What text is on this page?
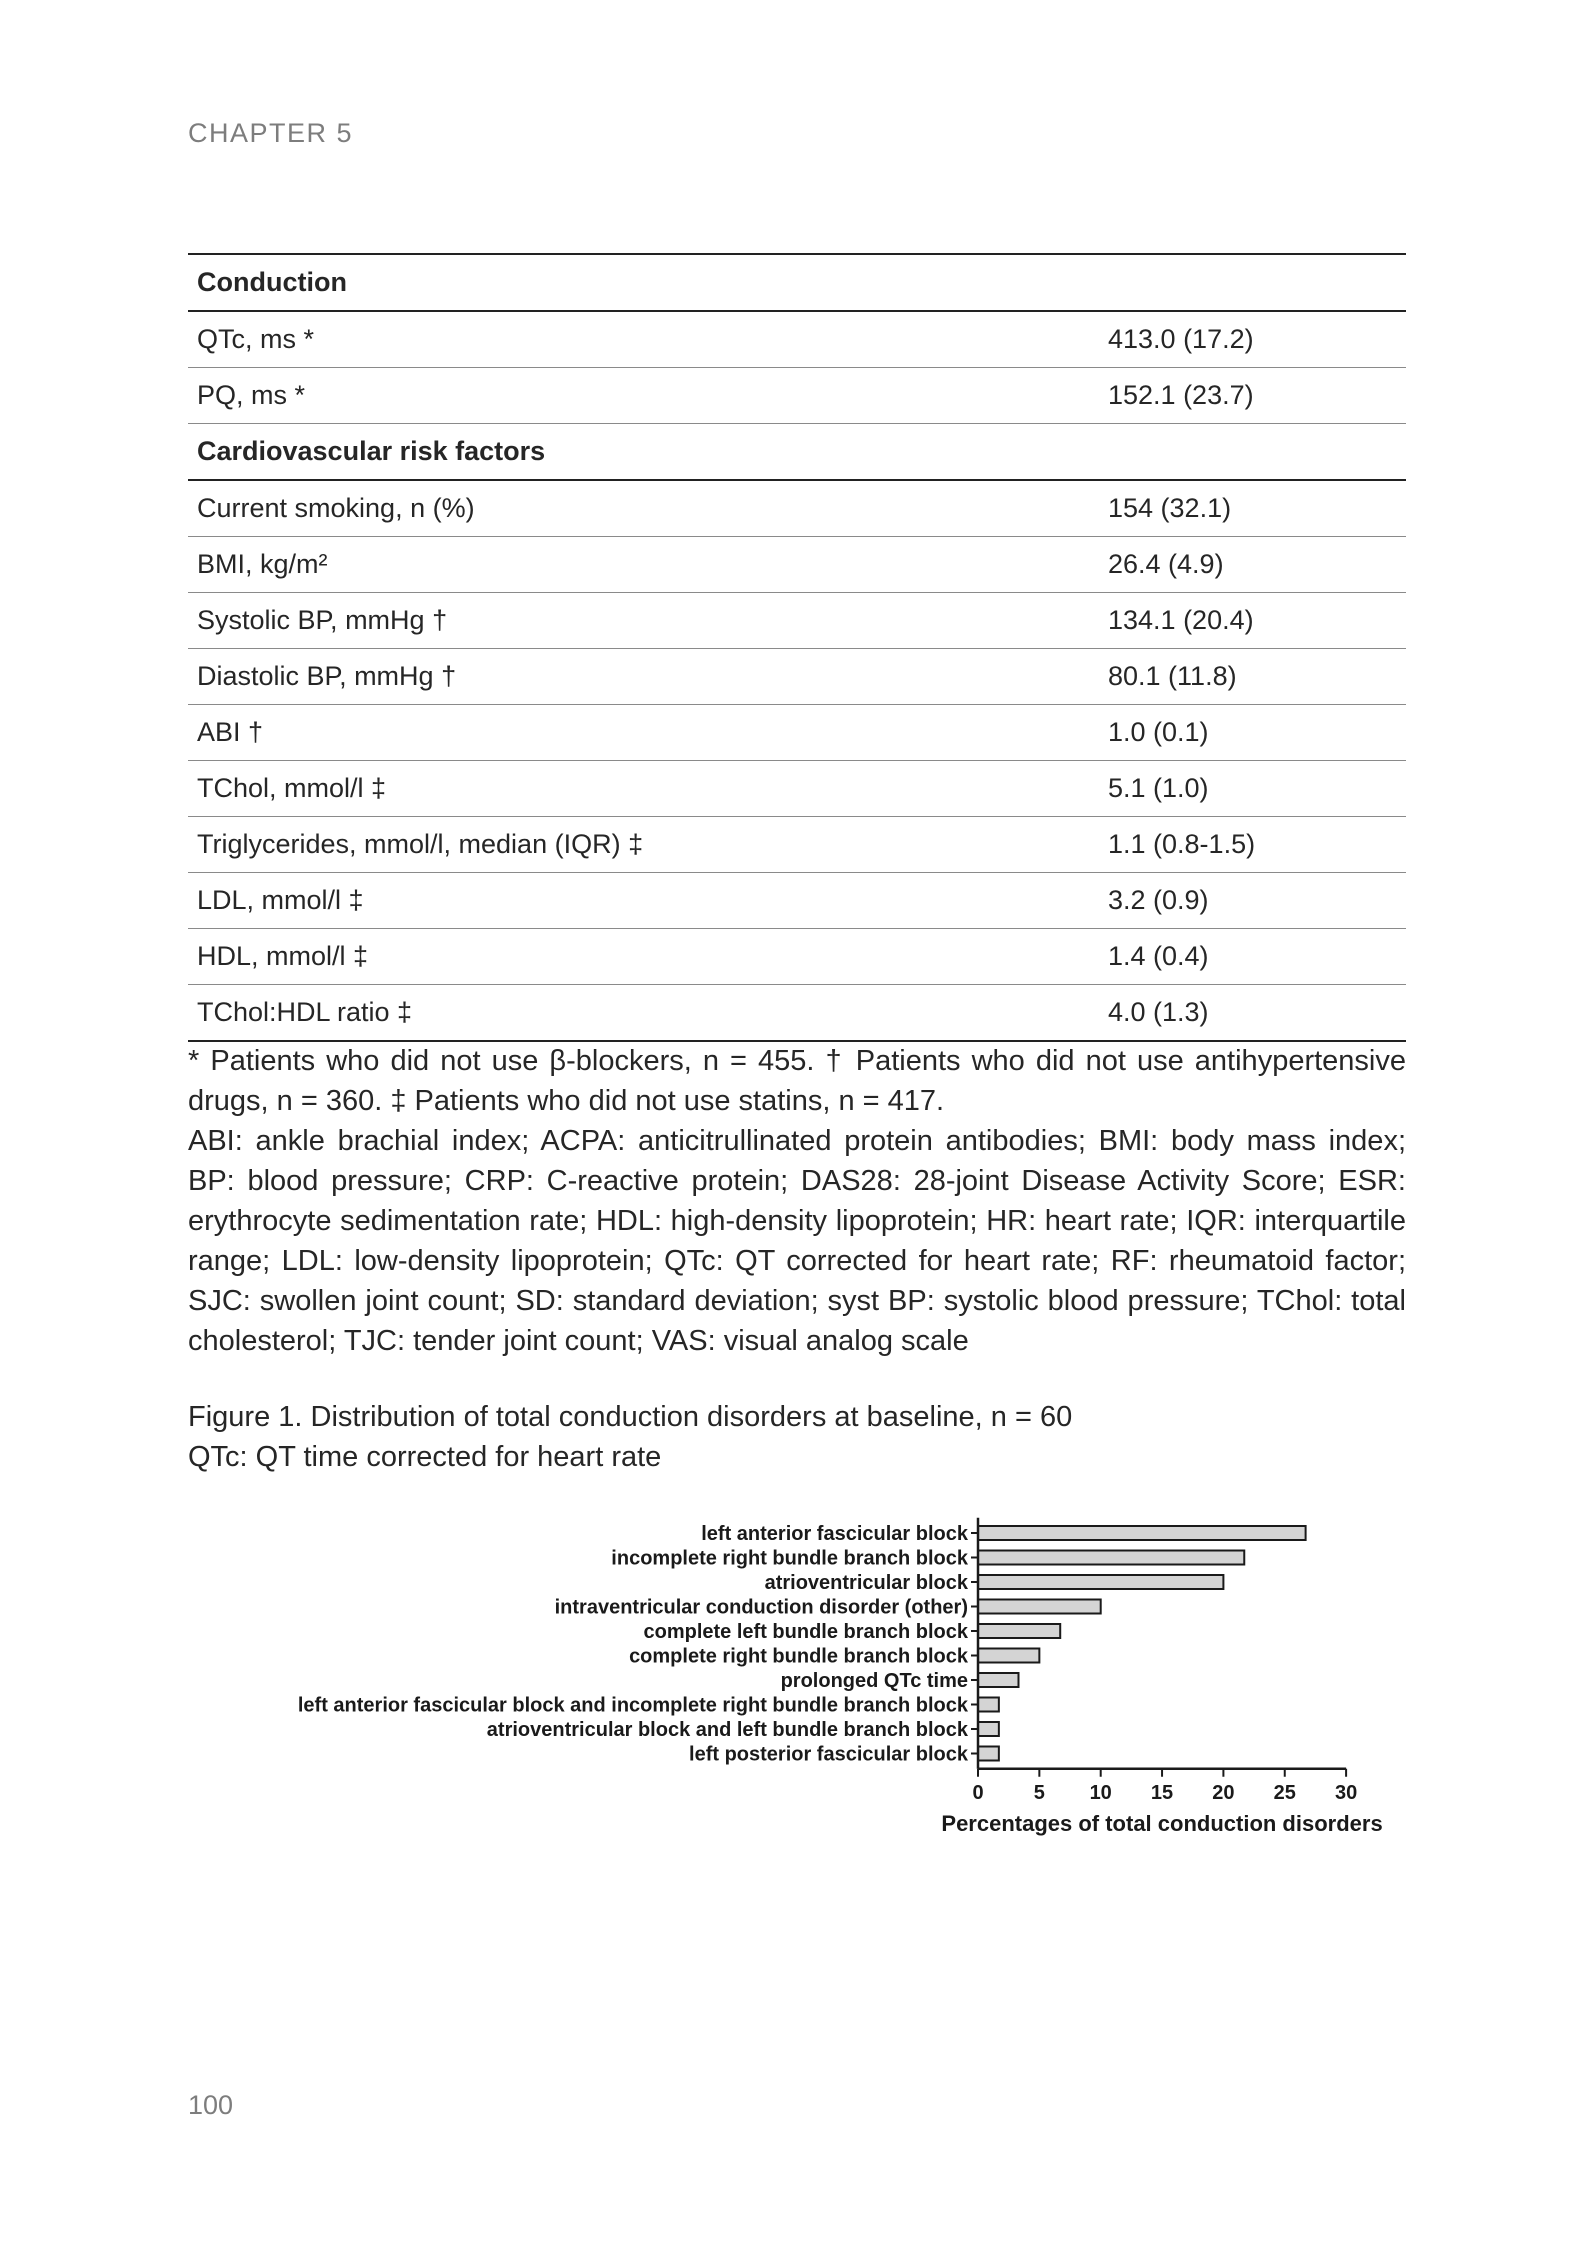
CHAPTER 5
Conduction	
QTc, ms *	413.0 (17.2)
PQ, ms *	152.1 (23.7)
Cardiovascular risk factors	
Current smoking, n (%)	154 (32.1)
BMI, kg/m²	26.4 (4.9)
Systolic BP, mmHg †	134.1 (20.4)
Diastolic BP, mmHg †	80.1 (11.8)
ABI †	1.0 (0.1)
TChol, mmol/l ‡	5.1 (1.0)
Triglycerides, mmol/l, median (IQR) ‡	1.1 (0.8-1.5)
LDL, mmol/l ‡	3.2 (0.9)
HDL, mmol/l ‡	1.4 (0.4)
TChol:HDL ratio ‡	4.0 (1.3)

* Patients who did not use β-blockers, n = 455. † Patients who did not use antihypertensive drugs, n = 360. ‡ Patients who did not use statins, n = 417.

ABI: ankle brachial index; ACPA: anticitrullinated protein antibodies; BMI: body mass index; BP: blood pressure; CRP: C-reactive protein; DAS28: 28-joint Disease Activity Score; ESR: erythrocyte sedimentation rate; HDL: high-density lipoprotein; HR: heart rate; IQR: interquartile range; LDL: low-density lipoprotein; QTc: QT corrected for heart rate; RF: rheumatoid factor; SJC: swollen joint count; SD: standard deviation; syst BP: systolic blood pressure; TChol: total cholesterol; TJC: tender joint count; VAS: visual analog scale

Figure 1. Distribution of total conduction disorders at baseline, n = 60

QTc: QT time corrected for heart rate

left anterior fascicular block
incomplete right bundle branch block
atrioventricular block
intraventricular conduction disorder (other)
complete left bundle branch block
complete right bundle branch block
prolonged QTc time
left anterior fascicular block and incomplete right bundle branch block
atrioventricular block and left bundle branch block
left posterior fascicular block
0	5 10 15 20 25 30
Percentages of total conduction disorders
100
